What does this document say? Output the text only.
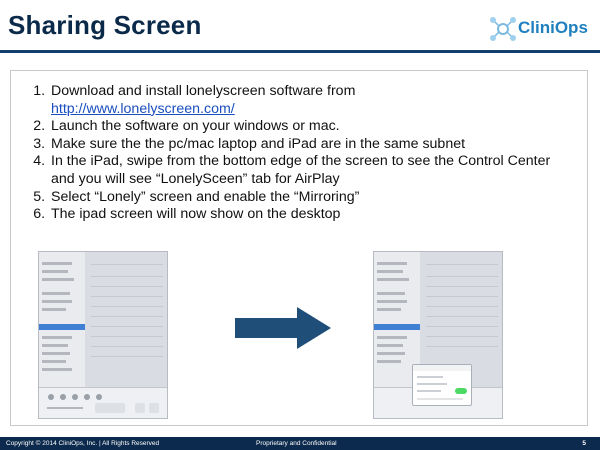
Sharing Screen	CliniOps
1. Download and install lonelyscreen software from
http://www.lonelyscreen.com/
2. Launch the software on your windows or mac.
3. Make sure the the pc/mac laptop and iPad are in the same subnet
4. In the iPad, swipe from the bottom edge of the screen to see the Control Center and you will see “LonelySceen” tab for AirPlay
5. Select “Lonely” screen and enable the “Mirroring”
6. The ipad screen will now show on the desktop
Copyright © 2014 CliniOps, Inc. | All Rights Reserved	Proprietary and Confidential	5
